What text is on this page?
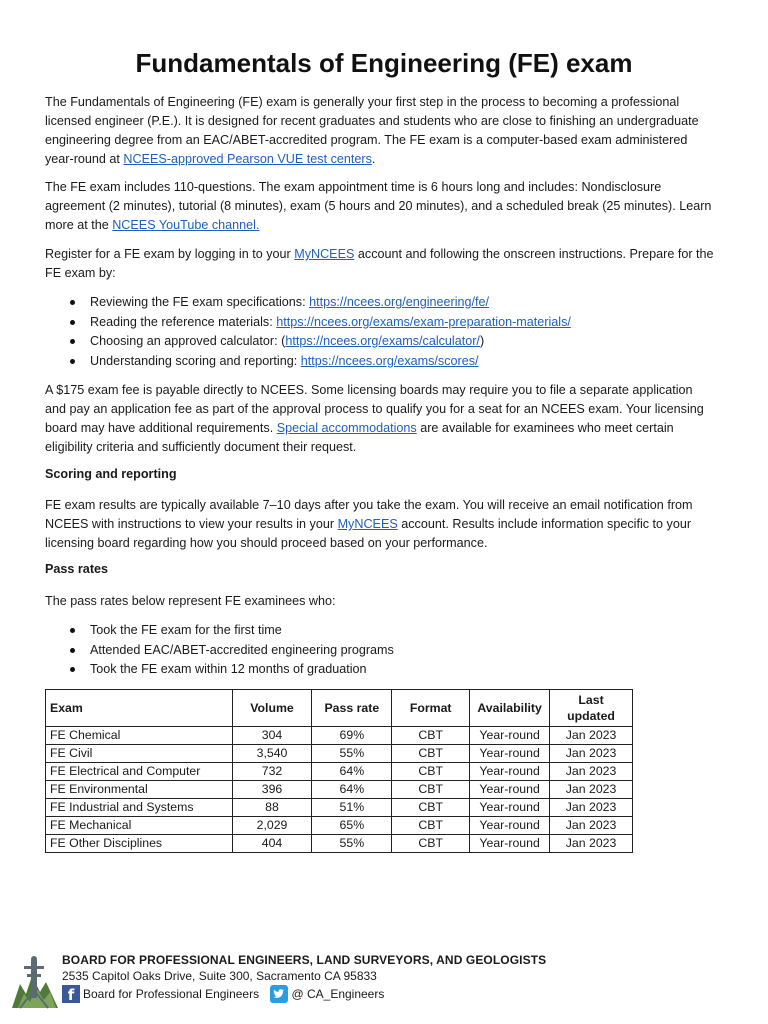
Fundamentals of Engineering (FE) exam

The Fundamentals of Engineering (FE) exam is generally your first step in the process to becoming a professional licensed engineer (P.E.). It is designed for recent graduates and students who are close to finishing an undergraduate engineering degree from an EAC/ABET-accredited program. The FE exam is a computer-based exam administered year-round at NCEES-approved Pearson VUE test centers.

The FE exam includes 110-questions. The exam appointment time is 6 hours long and includes: Nondisclosure agreement (2 minutes), tutorial (8 minutes), exam (5 hours and 20 minutes), and a scheduled break (25 minutes). Learn more at the NCEES YouTube channel.

Register for a FE exam by logging in to your MyNCEES account and following the onscreen instructions. Prepare for the FE exam by:

Reviewing the FE exam specifications: https://ncees.org/engineering/fe/
Reading the reference materials: https://ncees.org/exams/exam-preparation-materials/
Choosing an approved calculator: (https://ncees.org/exams/calculator/)
Understanding scoring and reporting: https://ncees.org/exams/scores/

A $175 exam fee is payable directly to NCEES. Some licensing boards may require you to file a separate application and pay an application fee as part of the approval process to qualify you for a seat for an NCEES exam. Your licensing board may have additional requirements. Special accommodations are available for examinees who meet certain eligibility criteria and sufficiently document their request.

Scoring and reporting

FE exam results are typically available 7–10 days after you take the exam. You will receive an email notification from NCEES with instructions to view your results in your MyNCEES account. Results include information specific to your licensing board regarding how you should proceed based on your performance.

Pass rates

The pass rates below represent FE examinees who:

Took the FE exam for the first time
Attended EAC/ABET-accredited engineering programs
Took the FE exam within 12 months of graduation
Exam	Volume	Pass rate	Format	Availability	Last updated
FE Chemical	304	69%	CBT	Year-round	Jan 2023
FE Civil	3,540	55%	CBT	Year-round	Jan 2023
FE Electrical and Computer	732	64%	CBT	Year-round	Jan 2023
FE Environmental	396	64%	CBT	Year-round	Jan 2023
FE Industrial and Systems	88	51%	CBT	Year-round	Jan 2023
FE Mechanical	2,029	65%	CBT	Year-round	Jan 2023
FE Other Disciplines	404	55%	CBT	Year-round	Jan 2023
BOARD FOR PROFESSIONAL ENGINEERS, LAND SURVEYORS, AND GEOLOGISTS
2535 Capitol Oaks Drive, Suite 300, Sacramento CA 95833
f Board for Professional Engineers	@ CA_Engineers
